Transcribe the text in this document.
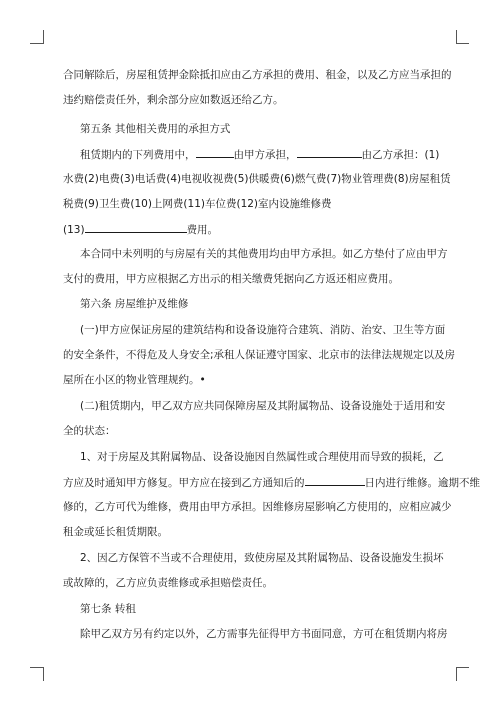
合同解除后，房屋租赁押金除抵扣应由乙方承担的费用、租金，以及乙方应当承担的
违约赔偿责任外，剩余部分应如数返还给乙方。
第五条 其他相关费用的承担方式
租赁期内的下列费用中，	由甲方承担，	由乙方承担：(1)
水费(2)电费(3)电话费(4)电视收视费(5)供暖费(6)燃气费(7)物业管理费(8)房屋租赁
税费(9)卫生费(10)上网费(11)车位费(12)室内设施维修费
(13)	费用。
本合同中未列明的与房屋有关的其他费用均由甲方承担。如乙方垫付了应由甲方
支付的费用，甲方应根据乙方出示的相关缴费凭据向乙方返还相应费用。
第六条 房屋维护及维修
(一)甲方应保证房屋的建筑结构和设备设施符合建筑、消防、治安、卫生等方面
的安全条件，不得危及人身安全;承租人保证遵守国家、北京市的法律法规规定以及房
屋所在小区的物业管理规约。•
(二)租赁期内，甲乙双方应共同保障房屋及其附属物品、设备设施处于适用和安
全的状态：
1、对于房屋及其附属物品、设备设施因自然属性或合理使用而导致的损耗，乙
方应及时通知甲方修复。甲方应在接到乙方通知后的	日内进行维修。逾期不维
修的，乙方可代为维修，费用由甲方承担。因维修房屋影响乙方使用的，应相应减少
租金或延长租赁期限。
2、因乙方保管不当或不合理使用，致使房屋及其附属物品、设备设施发生损坏
或故障的，乙方应负责维修或承担赔偿责任。
第七条 转租
除甲乙双方另有约定以外，乙方需事先征得甲方书面同意，方可在租赁期内将房
